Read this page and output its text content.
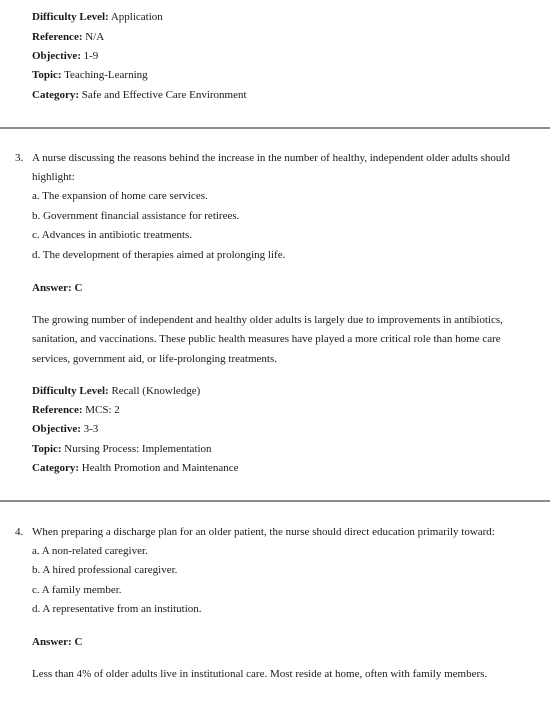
Difficulty Level: Application
Reference: N/A
Objective: 1-9
Topic: Teaching-Learning
Category: Safe and Effective Care Environment
3. A nurse discussing the reasons behind the increase in the number of healthy, independent older adults should
highlight:
a. The expansion of home care services.
b. Government financial assistance for retirees.
c. Advances in antibiotic treatments.
d. The development of therapies aimed at prolonging life.
Answer: C
The growing number of independent and healthy older adults is largely due to improvements in antibiotics,
sanitation, and vaccinations. These public health measures have played a more critical role than home care
services, government aid, or life-prolonging treatments.
Difficulty Level: Recall (Knowledge)
Reference: MCS: 2
Objective: 3-3
Topic: Nursing Process: Implementation
Category: Health Promotion and Maintenance
4. When preparing a discharge plan for an older patient, the nurse should direct education primarily toward:
a. A non-related caregiver.
b. A hired professional caregiver.
c. A family member.
d. A representative from an institution.
Answer: C
Less than 4% of older adults live in institutional care. Most reside at home, often with family members.
